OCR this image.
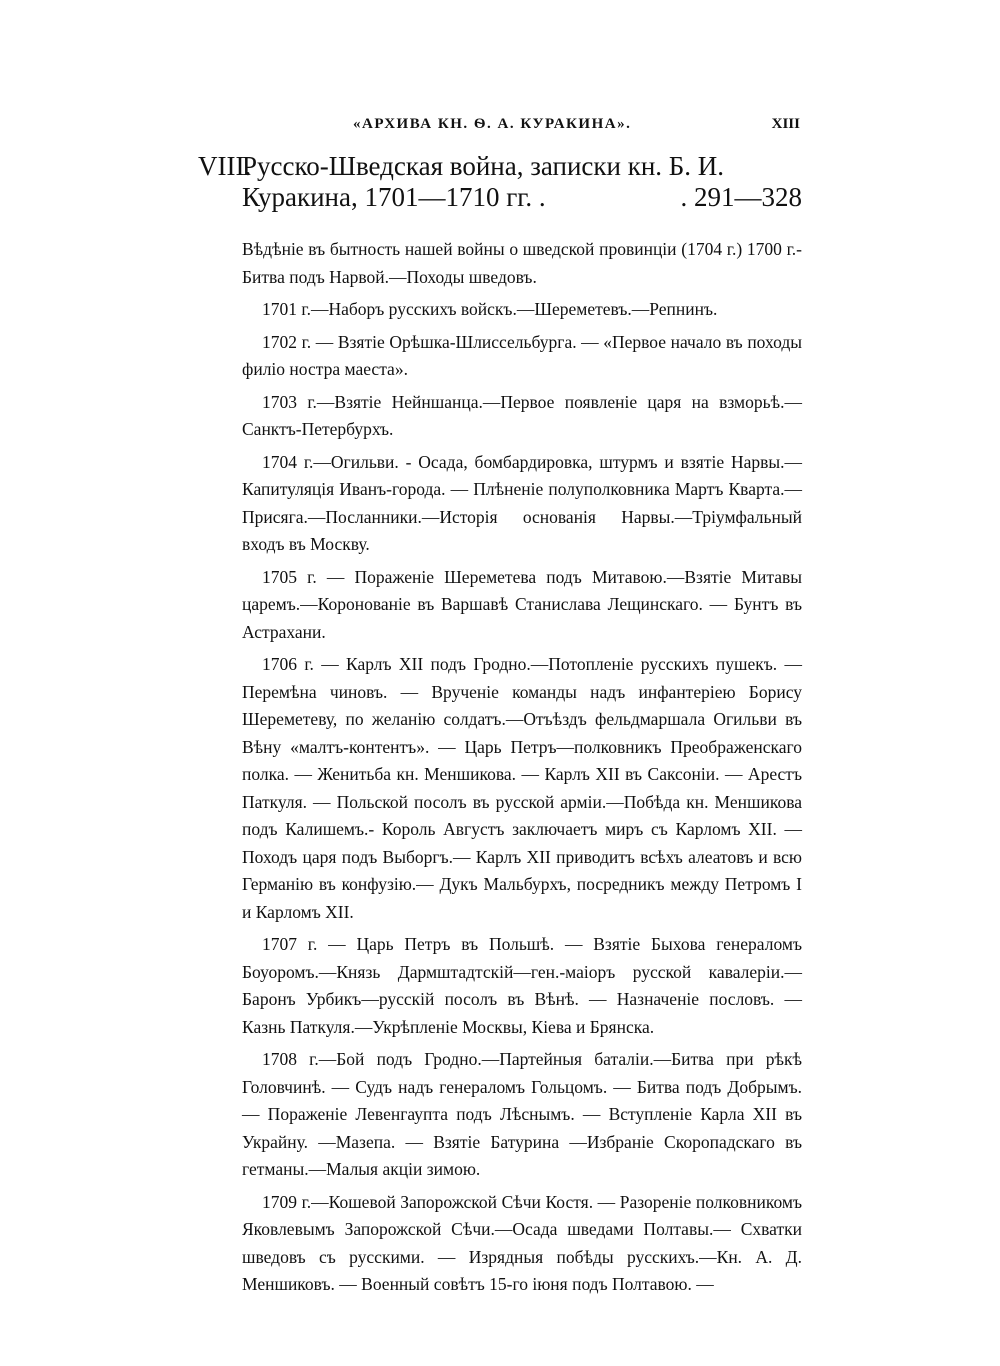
«АРХИВА КН. Ѳ. А. КУРАКИНА».	XIII
VIII.Русско-Шведская война, записки кн. Б. И.
Куракина, 1701—1710 гг. .	. 291—328

Вѣдѣніе въ бытность нашей войны о шведской провинціи (1704 г.) 1700 г.- Битва подъ Нарвой.—Походы шведовъ.

1701 г.—Наборъ русскихъ войскъ.—Шереметевъ.—Репнинъ.

1702 г. — Взятіе Орѣшка-Шлиссельбурга. — «Первое начало въ походы филіо ностра маеста».

1703 г.—Взятіе Нейншанца.—Первое появленіе царя на взморьѣ.—Санктъ-Петербурхъ.

1704 г.—Огильви. - Осада, бомбардировка, штурмъ и взятіе Нарвы.—Капитуляція Иванъ-города. — Плѣненіе полуполковника Мартъ Кварта.—Присяга.—Посланники.—Исторія основанія Нарвы.—Тріумфальный входъ въ Москву.

1705 г. — Пораженіе Шереметева подъ Митавою.—Взятіе Митавы царемъ.—Коронованіе въ Варшавѣ Станислава Лещинскаго. — Бунтъ въ Астрахани.

1706 г. — Карлъ XII подъ Гродно.—Потопленіе русскихъ пушекъ. — Перемѣна чиновъ. — Врученіе команды надъ инфантеріею Борису Шереметеву, по желанію солдатъ.—Отъѣздъ фельдмаршала Огильви въ Вѣну «малтъ-контентъ». — Царь Петръ—полковникъ Преображенскаго полка. — Женитьба кн. Меншикова. — Карлъ XII въ Саксоніи. — Арестъ Паткуля. — Польской посолъ въ русской арміи.—Побѣда кн. Меншикова подъ Калишемъ.- Король Августъ заключаетъ миръ съ Карломъ XII. —Походъ царя подъ Выборгъ.— Карлъ XII приводитъ всѣхъ алеатовъ и всю Германію въ конфузію.— Дукъ Мальбурхъ, посредникъ между Петромъ I и Карломъ XII.

1707 г. — Царь Петръ въ Польшѣ. — Взятіе Быхова генераломъ Боуоромъ.—Князь Дармштадтскій—ген.-маіоръ русской кавалеріи.—Баронъ Урбикъ—русскій посолъ въ Вѣнѣ. — Назначеніе пословъ. — Казнь Паткуля.—Укрѣпленіе Москвы, Кіева и Брянска.

1708 г.—Бой подъ Гродно.—Партейныя баталіи.—Битва при рѣкѣ Головчинѣ. — Судъ надъ генераломъ Гольцомъ. — Битва подъ Добрымъ. — Пораженіе Левенгаупта подъ Лѣснымъ. — Вступленіе Карла XII въ Украйну. —Мазепа. — Взятіе Батурина —Избраніе Скоропадскаго въ гетманы.—Малыя акціи зимою.

1709 г.—Кошевой Запорожской Сѣчи Костя. — Разореніе полковникомъ Яковлевымъ Запорожской Сѣчи.—Осада шведами Полтавы.— Схватки шведовъ съ русскими. — Изрядныя побѣды русскихъ.—Кн. А. Д. Меншиковъ. — Военный совѣтъ 15-го іюня подъ Полтавою. —
